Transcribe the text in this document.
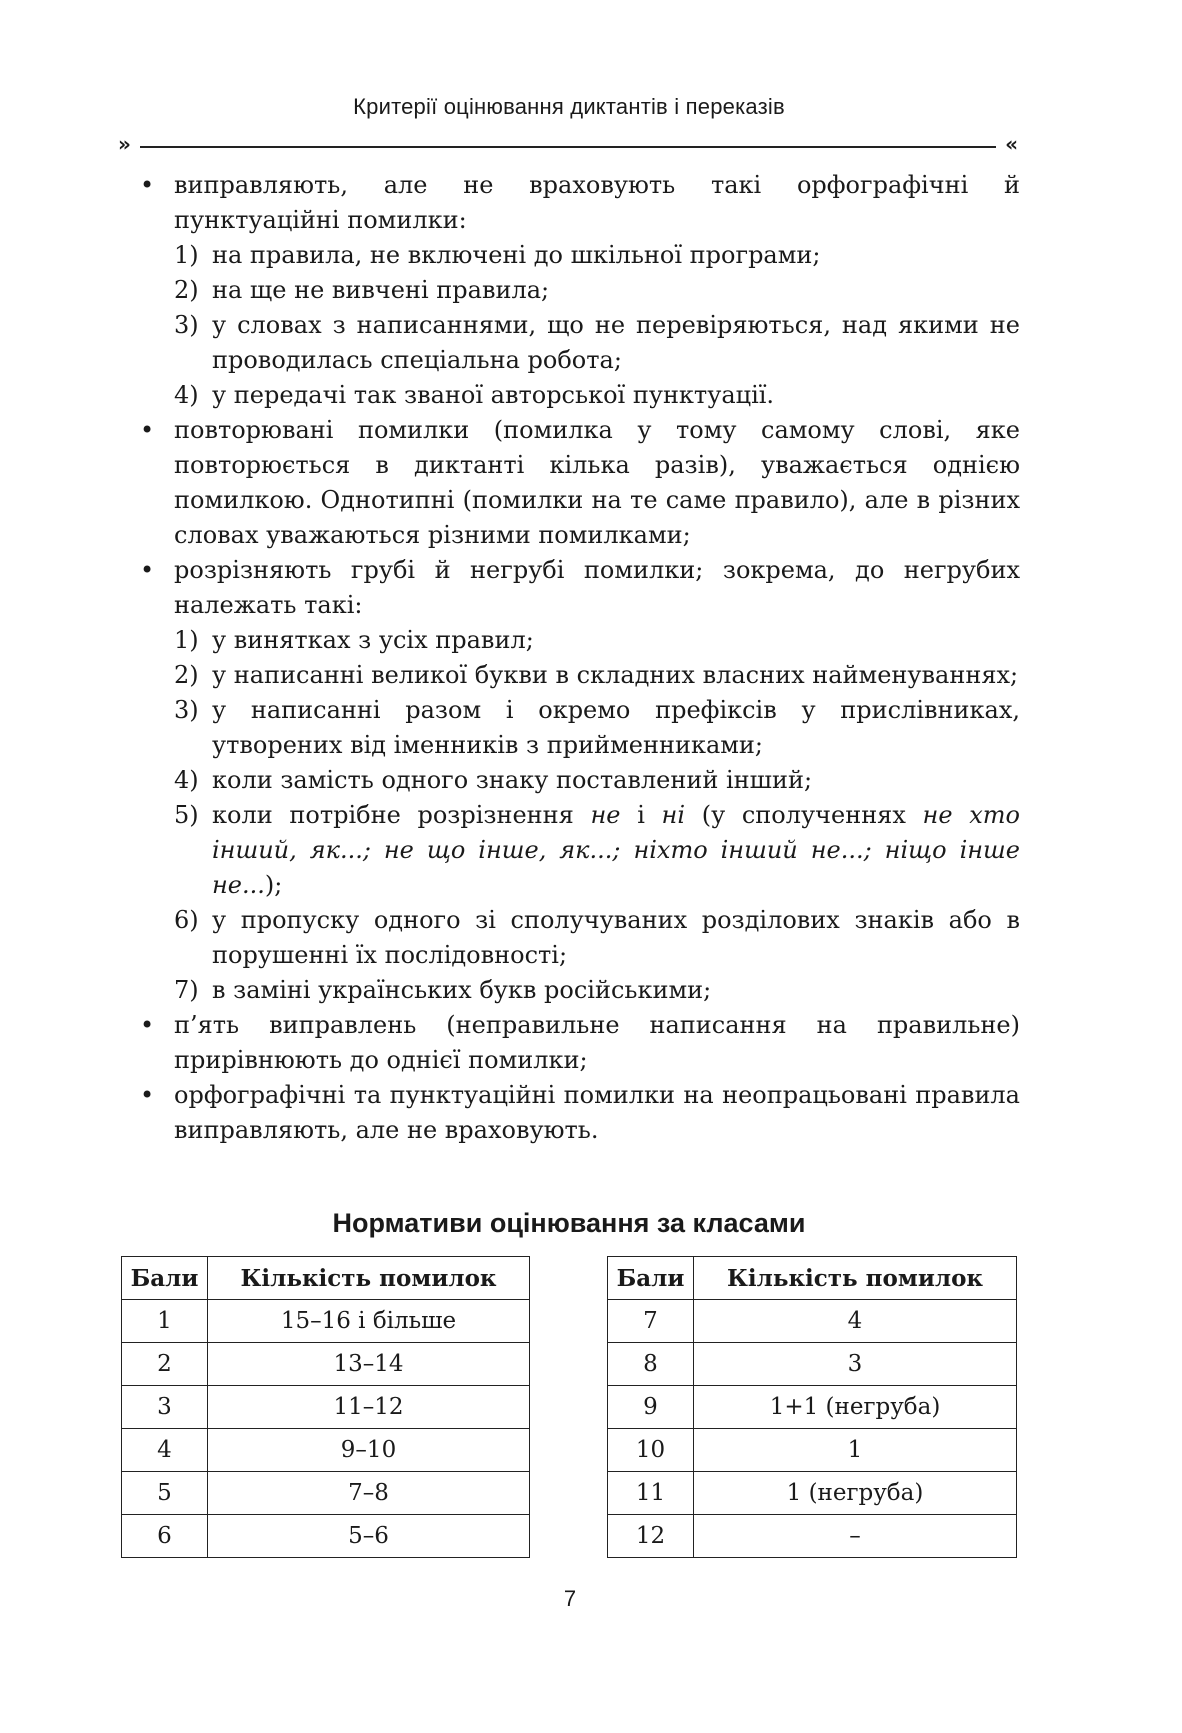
Критерії оцінювання диктантів і переказів
»	«
• виправляють, але не враховують такі орфографічні й пунктуаційні помилки:

1) на правила, не включені до шкільної програми;

2) на ще не вивчені правила;

3) у словах з написаннями, що не перевіряються, над якими не проводилась спеціальна робота;

4) у передачі так званої авторської пунктуації.

• повторювані помилки (помилка у тому самому слові, яке повторюється в диктанті кілька разів), уважається однією помилкою. Однотипні (помилки на те саме правило), але в різних словах уважаються різними помилками;

• розрізняють грубі й негрубі помилки; зокрема, до негрубих належать такі:

1) у винятках з усіх правил;

2) у написанні великої букви в складних власних найменуваннях;

3) у написанні разом і окремо префіксів у прислівниках, утворених від іменників з прийменниками;

4) коли замість одного знаку поставлений інший;

5) коли потрібне розрізнення не і ні (у сполученнях не хто інший, як...; не що інше, як...; ніхто інший не...; ніщо інше не...);

6) у пропуску одного зі сполучуваних розділових знаків або в порушенні їх послідовності;

7) в заміні українських букв російськими;

• п’ять виправлень (неправильне написання на правильне) прирівнюють до однієї помилки;

• орфографічні та пунктуаційні помилки на неопрацьовані правила виправляють, але не враховують.

Нормативи оцінювання за класами
Бали	Кількість помилок
1	15–16 і більше
2	13–14
3	11–12
4	9–10
5	7–8
6	5–6
Бали	Кількість помилок
7	4
8	3
9	1+1 (негруба)
10	1
11	1 (негруба)
12	–
7
